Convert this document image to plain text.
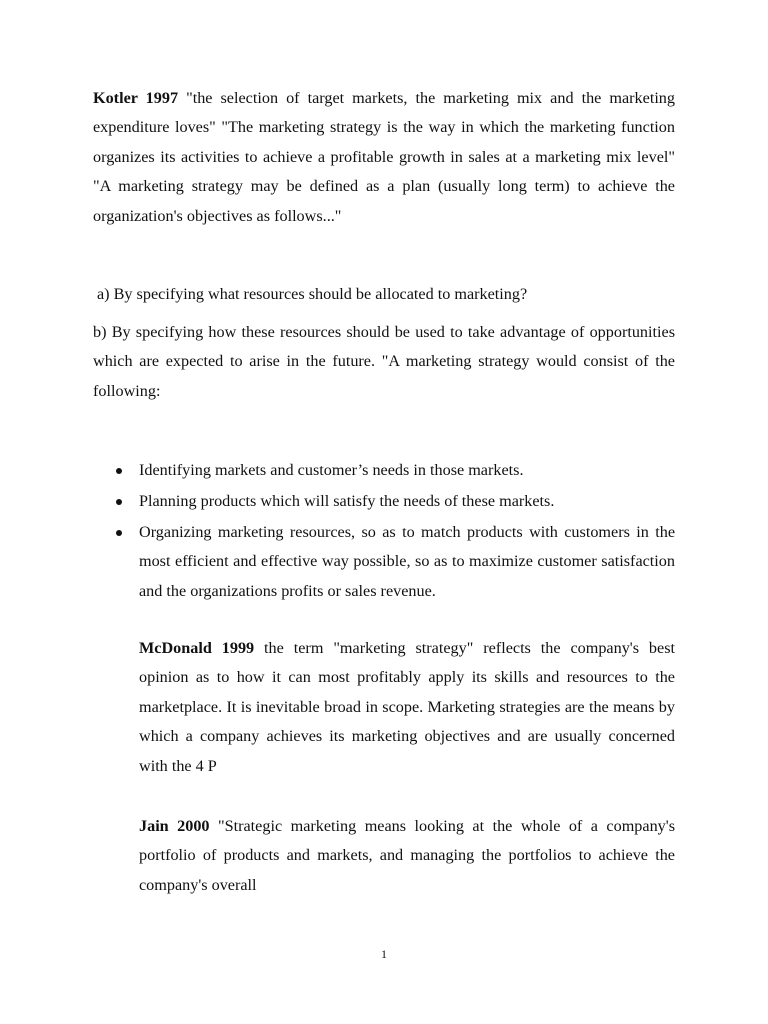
Kotler 1997 "the selection of target markets, the marketing mix and the marketing expenditure loves" "The marketing strategy is the way in which the marketing function organizes its activities to achieve a profitable growth in sales at a marketing mix level" "A marketing strategy may be defined as a plan (usually long term) to achieve the organization's objectives as follows..."

a) By specifying what resources should be allocated to marketing?

b) By specifying how these resources should be used to take advantage of opportunities which are expected to arise in the future. "A marketing strategy would consist of the following:

Identifying markets and customer’s needs in those markets.
Planning products which will satisfy the needs of these markets.
Organizing marketing resources, so as to match products with customers in the most efficient and effective way possible, so as to maximize customer satisfaction and the organizations profits or sales revenue.

McDonald 1999 the term "marketing strategy" reflects the company's best opinion as to how it can most profitably apply its skills and resources to the marketplace. It is inevitable broad in scope. Marketing strategies are the means by which a company achieves its marketing objectives and are usually concerned with the 4 P

Jain 2000 "Strategic marketing means looking at the whole of a company's portfolio of products and markets, and managing the portfolios to achieve the company's overall

1
